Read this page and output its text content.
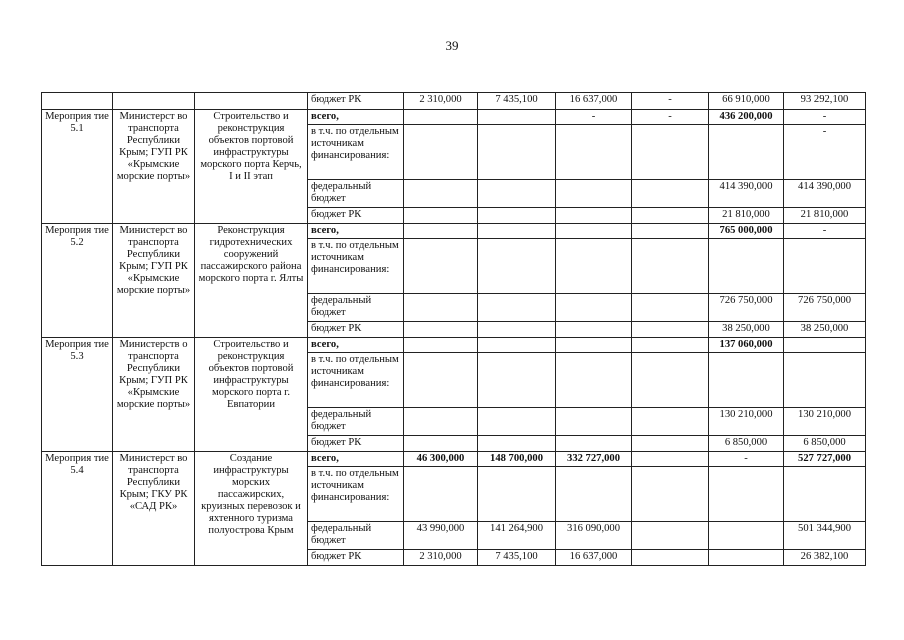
39
			бюджет РК	2 310,000	7 435,100	16 637,000	-	66 910,000	93 292,100
Мероприя тие 5.1	Министерст во транспорта Республики Крым; ГУП РК «Крымские морские порты»	Строительство и реконструкция объектов портовой инфраструктуры морского порта Керчь, I и II этап	всего,			-	-	436 200,000	-
			в т.ч. по отдельным источникам финансирования:						-
			федеральный бюджет					414 390,000	414 390,000
			бюджет РК					21 810,000	21 810,000
Мероприя тие 5.2	Министерст во транспорта Республики Крым; ГУП РК «Крымские морские порты»	Реконструкция гидротехнических сооружений пассажирского района морского порта г. Ялты	всего,					765 000,000	-
			в т.ч. по отдельным источникам финансирования:						
			федеральный бюджет					726 750,000	726 750,000
			бюджет РК					38 250,000	38 250,000
Мероприя тие 5.3	Министерств о транспорта Республики Крым; ГУП РК «Крымские морские порты»	Строительство и реконструкция объектов портовой инфраструктуры морского порта г. Евпатории	всего,					137 060,000	
			в т.ч. по отдельным источникам финансирования:						
			федеральный бюджет					130 210,000	130 210,000
			бюджет РК					6 850,000	6 850,000
Мероприя тие 5.4	Министерст во транспорта Республики Крым; ГКУ РК «САД РК»	Создание инфраструктуры морских пассажирских, круизных перевозок и яхтенного туризма полуострова Крым	всего,	46 300,000	148 700,000	332 727,000		-	527 727,000
			в т.ч. по отдельным источникам финансирования:						
			федеральный бюджет	43 990,000	141 264,900	316 090,000			501 344,900
			бюджет РК	2 310,000	7 435,100	16 637,000			26 382,100
